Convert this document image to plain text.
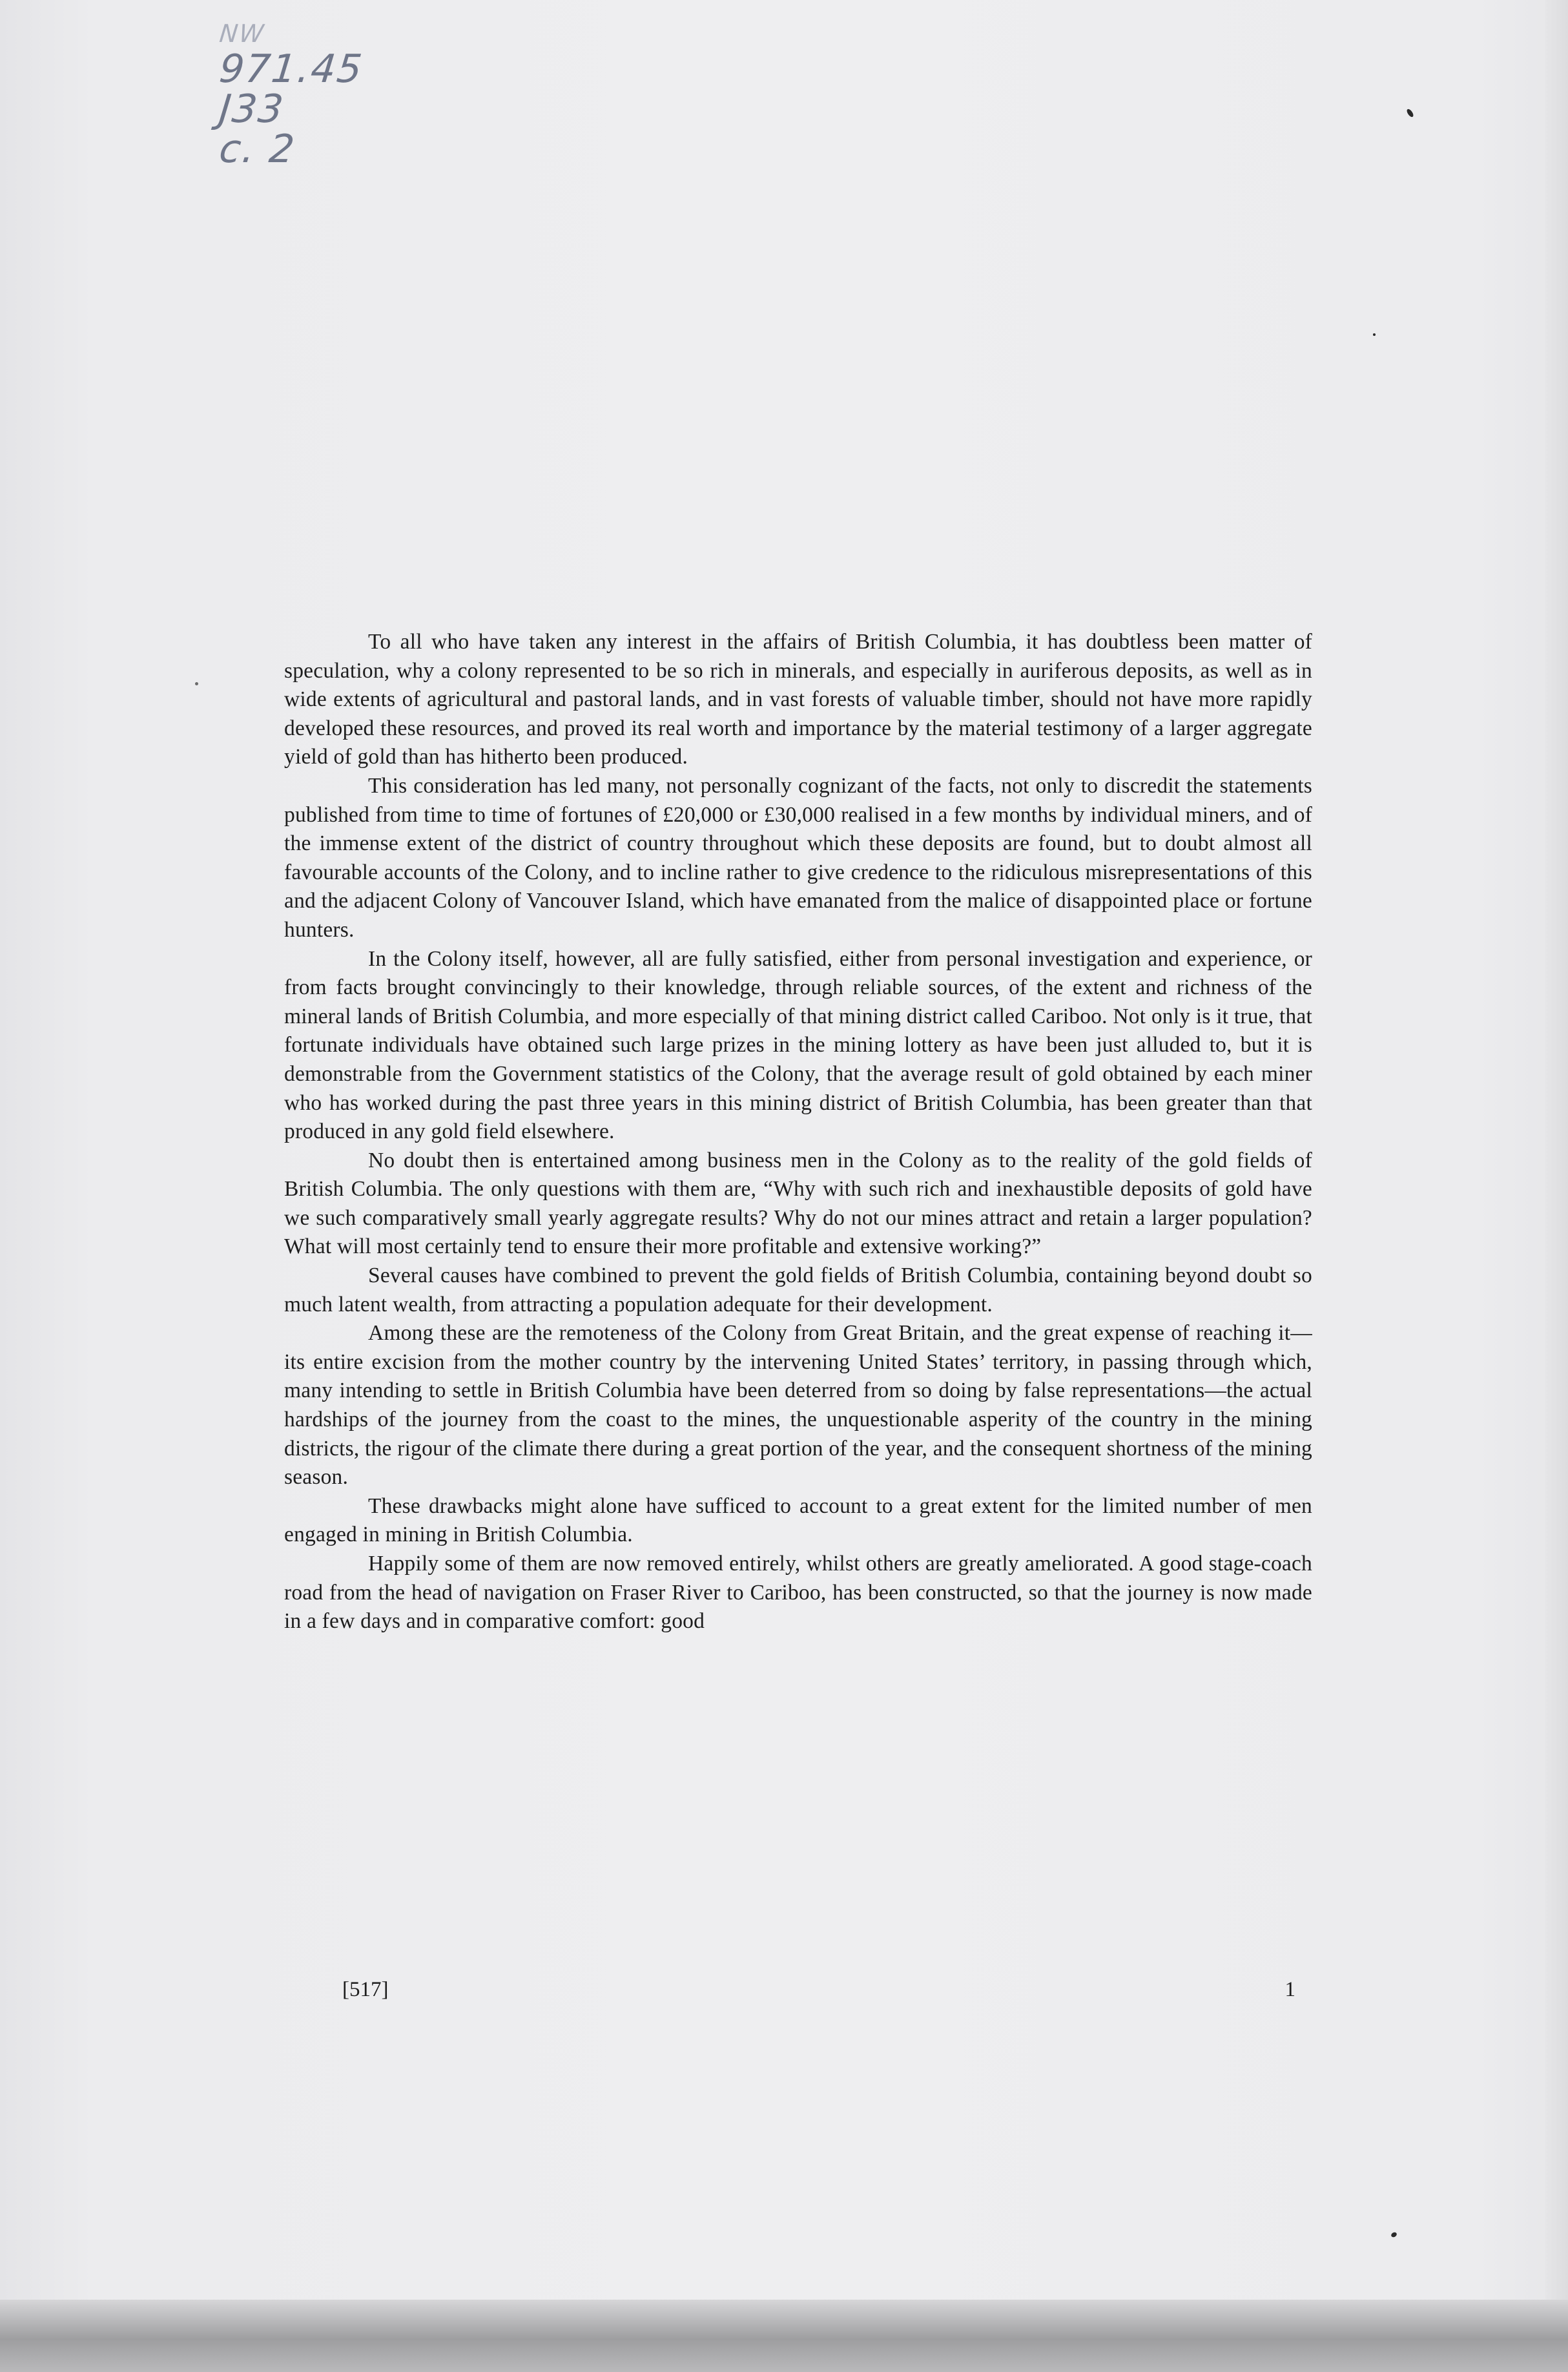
NW
971.45
J33
c. 2

To all who have taken any interest in the affairs of British Columbia, it has doubtless been matter of speculation, why a colony represented to be so rich in minerals, and especially in auriferous deposits, as well as in wide extents of agricultural and pastoral lands, and in vast forests of valuable timber, should not have more rapidly developed these resources, and proved its real worth and importance by the material testimony of a larger aggregate yield of gold than has hitherto been produced.

This consideration has led many, not personally cognizant of the facts, not only to discredit the statements published from time to time of fortunes of £20,000 or £30,000 realised in a few months by individual miners, and of the immense extent of the district of country throughout which these deposits are found, but to doubt almost all favourable accounts of the Colony, and to incline rather to give credence to the ridiculous misrepresentations of this and the adjacent Colony of Vancouver Island, which have emanated from the malice of disappointed place or fortune hunters.

In the Colony itself, however, all are fully satisfied, either from personal investigation and experience, or from facts brought convincingly to their knowledge, through reliable sources, of the extent and richness of the mineral lands of British Columbia, and more especially of that mining district called Cariboo. Not only is it true, that fortunate individuals have obtained such large prizes in the mining lottery as have been just alluded to, but it is demonstrable from the Government statistics of the Colony, that the average result of gold obtained by each miner who has worked during the past three years in this mining district of British Columbia, has been greater than that produced in any gold field elsewhere.

No doubt then is entertained among business men in the Colony as to the reality of the gold fields of British Columbia. The only questions with them are, “Why with such rich and inexhaustible deposits of gold have we such comparatively small yearly aggregate results? Why do not our mines attract and retain a larger population? What will most certainly tend to ensure their more profitable and extensive working?”

Several causes have combined to prevent the gold fields of British Columbia, containing beyond doubt so much latent wealth, from attracting a population adequate for their development.

Among these are the remoteness of the Colony from Great Britain, and the great expense of reaching it—its entire excision from the mother country by the intervening United States’ territory, in passing through which, many intending to settle in British Columbia have been deterred from so doing by false representations—the actual hardships of the journey from the coast to the mines, the unquestionable asperity of the country in the mining districts, the rigour of the climate there during a great portion of the year, and the consequent shortness of the mining season.

These drawbacks might alone have sufficed to account to a great extent for the limited number of men engaged in mining in British Columbia.

Happily some of them are now removed entirely, whilst others are greatly ameliorated. A good stage-coach road from the head of navigation on Fraser River to Cariboo, has been constructed, so that the journey is now made in a few days and in comparative comfort: good

[517]	1
